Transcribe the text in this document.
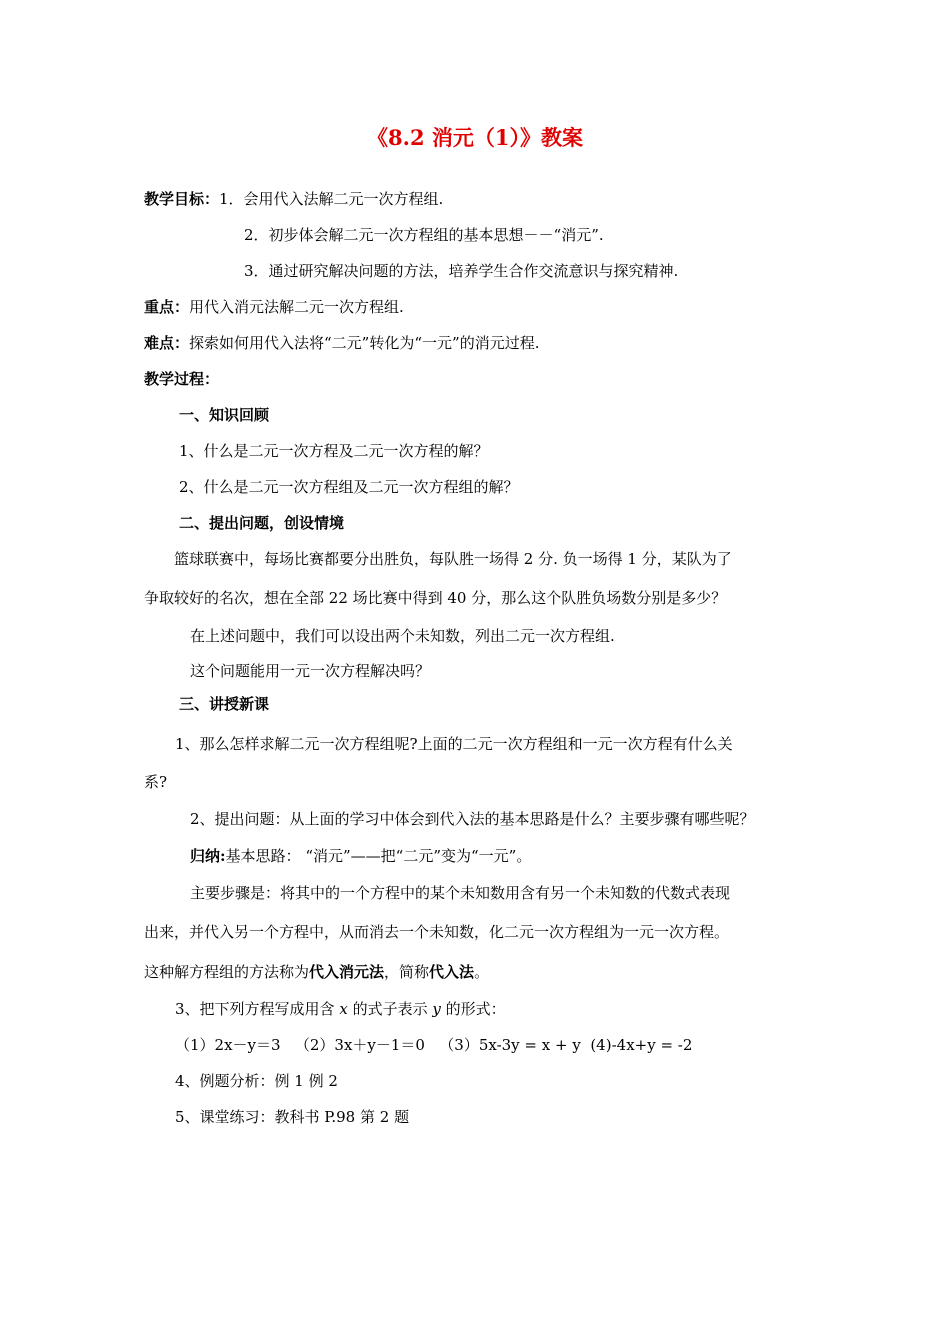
《8.2 消元（1）》教案
教学目标：1．会用代入法解二元一次方程组.
2．初步体会解二元一次方程组的基本思想－－“消元”.
3．通过研究解决问题的方法，培养学生合作交流意识与探究精神.
重点：用代入消元法解二元一次方程组.
难点：探索如何用代入法将“二元”转化为“一元”的消元过程.
教学过程：
一、知识回顾
1、什么是二元一次方程及二元一次方程的解？
2、什么是二元一次方程组及二元一次方程组的解？
二、提出问题，创设情境
篮球联赛中，每场比赛都要分出胜负，每队胜一场得 2 分. 负一场得 1 分，某队为了
争取较好的名次，想在全部 22 场比赛中得到 40 分，那么这个队胜负场数分别是多少？
在上述问题中，我们可以设出两个未知数，列出二元一次方程组.
这个问题能用一元一次方程解决吗？
三、讲授新课
1、那么怎样求解二元一次方程组呢?上面的二元一次方程组和一元一次方程有什么关
系?
2、提出问题：从上面的学习中体会到代入法的基本思路是什么？主要步骤有哪些呢？
归纳:基本思路： “消元”——把“二元”变为“一元”。
主要步骤是：将其中的一个方程中的某个未知数用含有另一个未知数的代数式表现
出来，并代入另一个方程中，从而消去一个未知数，化二元一次方程组为一元一次方程。
这种解方程组的方法称为代入消元法，简称代入法。
3、把下列方程写成用含 x 的式子表示 y 的形式：
（1）2x－y＝3   （2）3x＋y－1＝0   （3）5x-3y = x + y  (4)-4x+y = -2
4、例题分析：例 1 例 2
5、课堂练习：教科书 P.98 第 2 题
